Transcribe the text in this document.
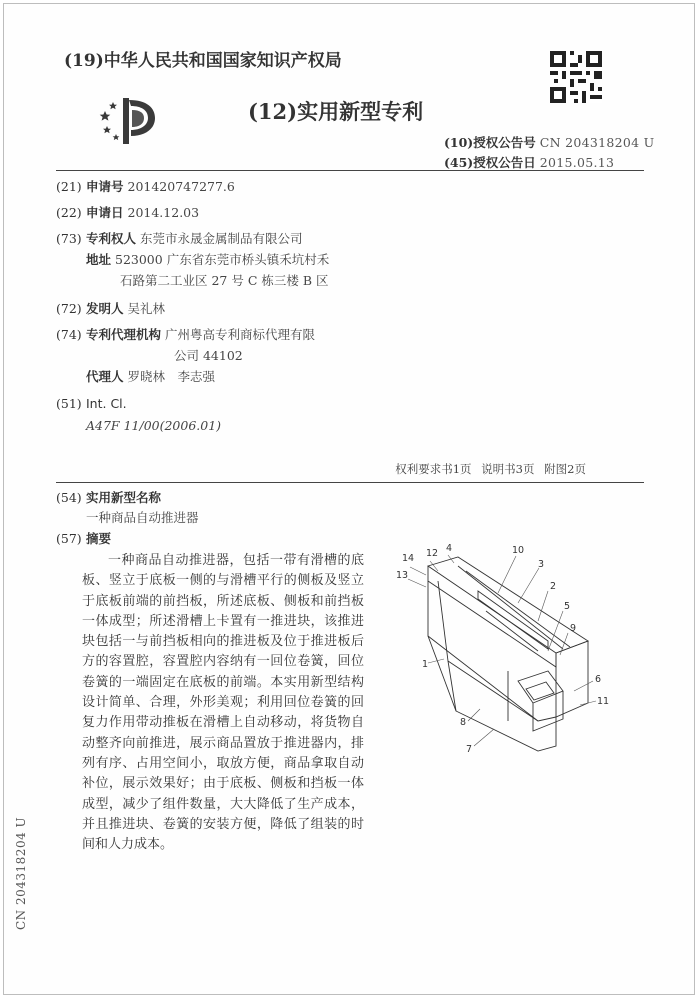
(19)中华人民共和国国家知识产权局
(12)实用新型专利
(10)授权公告号 CN 204318204 U
(45)授权公告日 2015.05.13
(21) 申请号 201420747277.6
(22) 申请日 2014.12.03
(73) 专利权人 东莞市永晟金属制品有限公司
地址 523000 广东省东莞市桥头镇禾坑村禾
石路第二工业区 27 号 C 栋三楼 B 区
(72) 发明人 吴礼林
(74) 专利代理机构 广州粤高专利商标代理有限
公司 44102
代理人 罗晓林　李志强
(51) Int. Cl.
A47F 11/00(2006.01)
权利要求书1页 说明书3页 附图2页
(54) 实用新型名称
一种商品自动推进器
(57) 摘要
一种商品自动推进器，包括一带有滑槽的底板、竖立于底板一侧的与滑槽平行的侧板及竖立于底板前端的前挡板，所述底板、侧板和前挡板一体成型；所述滑槽上卡置有一推进块，该推进块包括一与前挡板相向的推进板及位于推进板后方的容置腔，容置腔内容纳有一回位卷簧，回位卷簧的一端固定在底板的前端。本实用新型结构设计简单、合理，外形美观；利用回位卷簧的回复力作用带动推板在滑槽上自动移动，将货物自动整齐向前推进，展示商品置放于推进器内，排列有序、占用空间小，取放方便，商品拿取自动补位，展示效果好；由于底板、侧板和挡板一体成型，减少了组件数量，大大降低了生产成本，并且推进块、卷簧的安装方便，降低了组装的时间和人力成本。
14 12 4	10
3
13
2
5
9
1
6
8
11
7
CN 204318204 U
